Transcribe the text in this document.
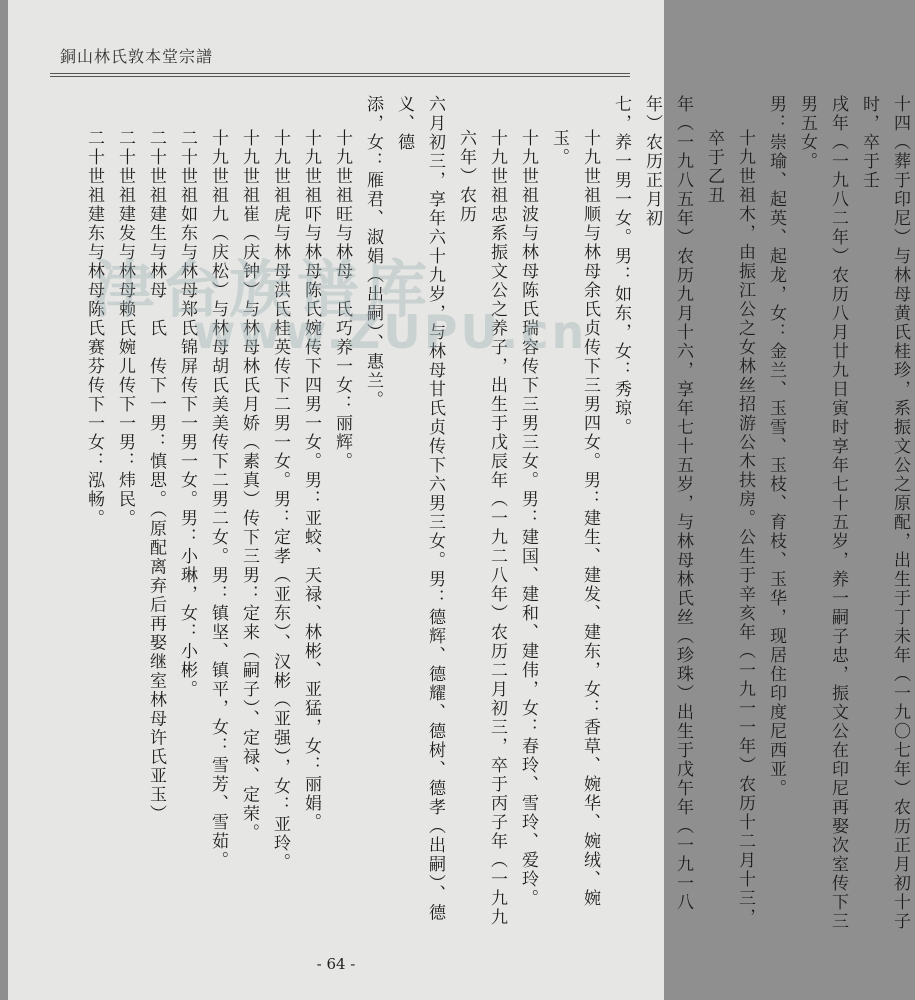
銅山林氏敦本堂宗譜
十四（葬于印尼）与林母黄氏桂珍，系振文公之原配，出生于丁未年（一九〇七年）农历正月初十子时，卒于壬
戌年（一九八二年）农历八月廿九日寅时享年七十五岁，养一嗣子忠，振文公在印尼再娶次室传下三男五女。
男：崇瑜、起英、起龙，女：金兰、玉雪、玉枝、育枝、玉华，现居住印度尼西亚。
十九世祖木，由振江公之女林丝招游公木扶房。公生于辛亥年（一九一一年）农历十二月十三，卒于乙丑
年（一九八五年）农历九月十六，享年七十五岁，与林母林氏丝（珍珠）出生于戊午年（一九一八年）农历正月初
七，养一男一女。男：如东，女：秀琼。
十九世祖顺与林母余氏贞传下三男四女。男：建生、建发、建东，女：香草、婉华、婉绒、婉玉。
十九世祖波与林母陈氏瑞容传下三男三女。男：建国、建和、建伟，女：春玲、雪玲、爱玲。
十九世祖忠系振文公之养子，出生于戊辰年（一九二八年）农历二月初三，卒于丙子年（一九九六年）农历
六月初三，享年六十九岁，与林母甘氏贞传下六男三女。男：德辉、德耀、德树、德孝（出嗣）、德义、德
添，女：雁君、淑娟（出嗣）、惠兰。
十九世祖旺与林母　氏巧养一女：丽辉。
十九世祖吓与林母陈氏婉传下四男一女。男：亚蛟、天禄、林彬、亚猛，女：丽娟。
十九世祖虎与林母洪氏桂英传下二男一女。男：定孝（亚东）、汉彬（亚强），女：亚玲。
十九世祖崔（庆钟）与林母林氏月娇（素真）传下三男：定来（嗣子）、定禄、定荣。
十九世祖九（庆松）与林母胡氏美美传下二男二女。男：镇坚、镇平，女：雪芳、雪茹。
二十世祖如东与林母郑氏锦屏传下一男一女。男：小琳，女：小彬。
二十世祖建生与林母　氏　传下一男：慎思。（原配离弃后再娶继室林母许氏亚玉）
二十世祖建发与林母赖氏婉儿传下一男：炜民。
二十世祖建东与林母陈氏赛芬传下一女：泓畅。
津台族谱库
www.ZUPU.cn
- 64 -
